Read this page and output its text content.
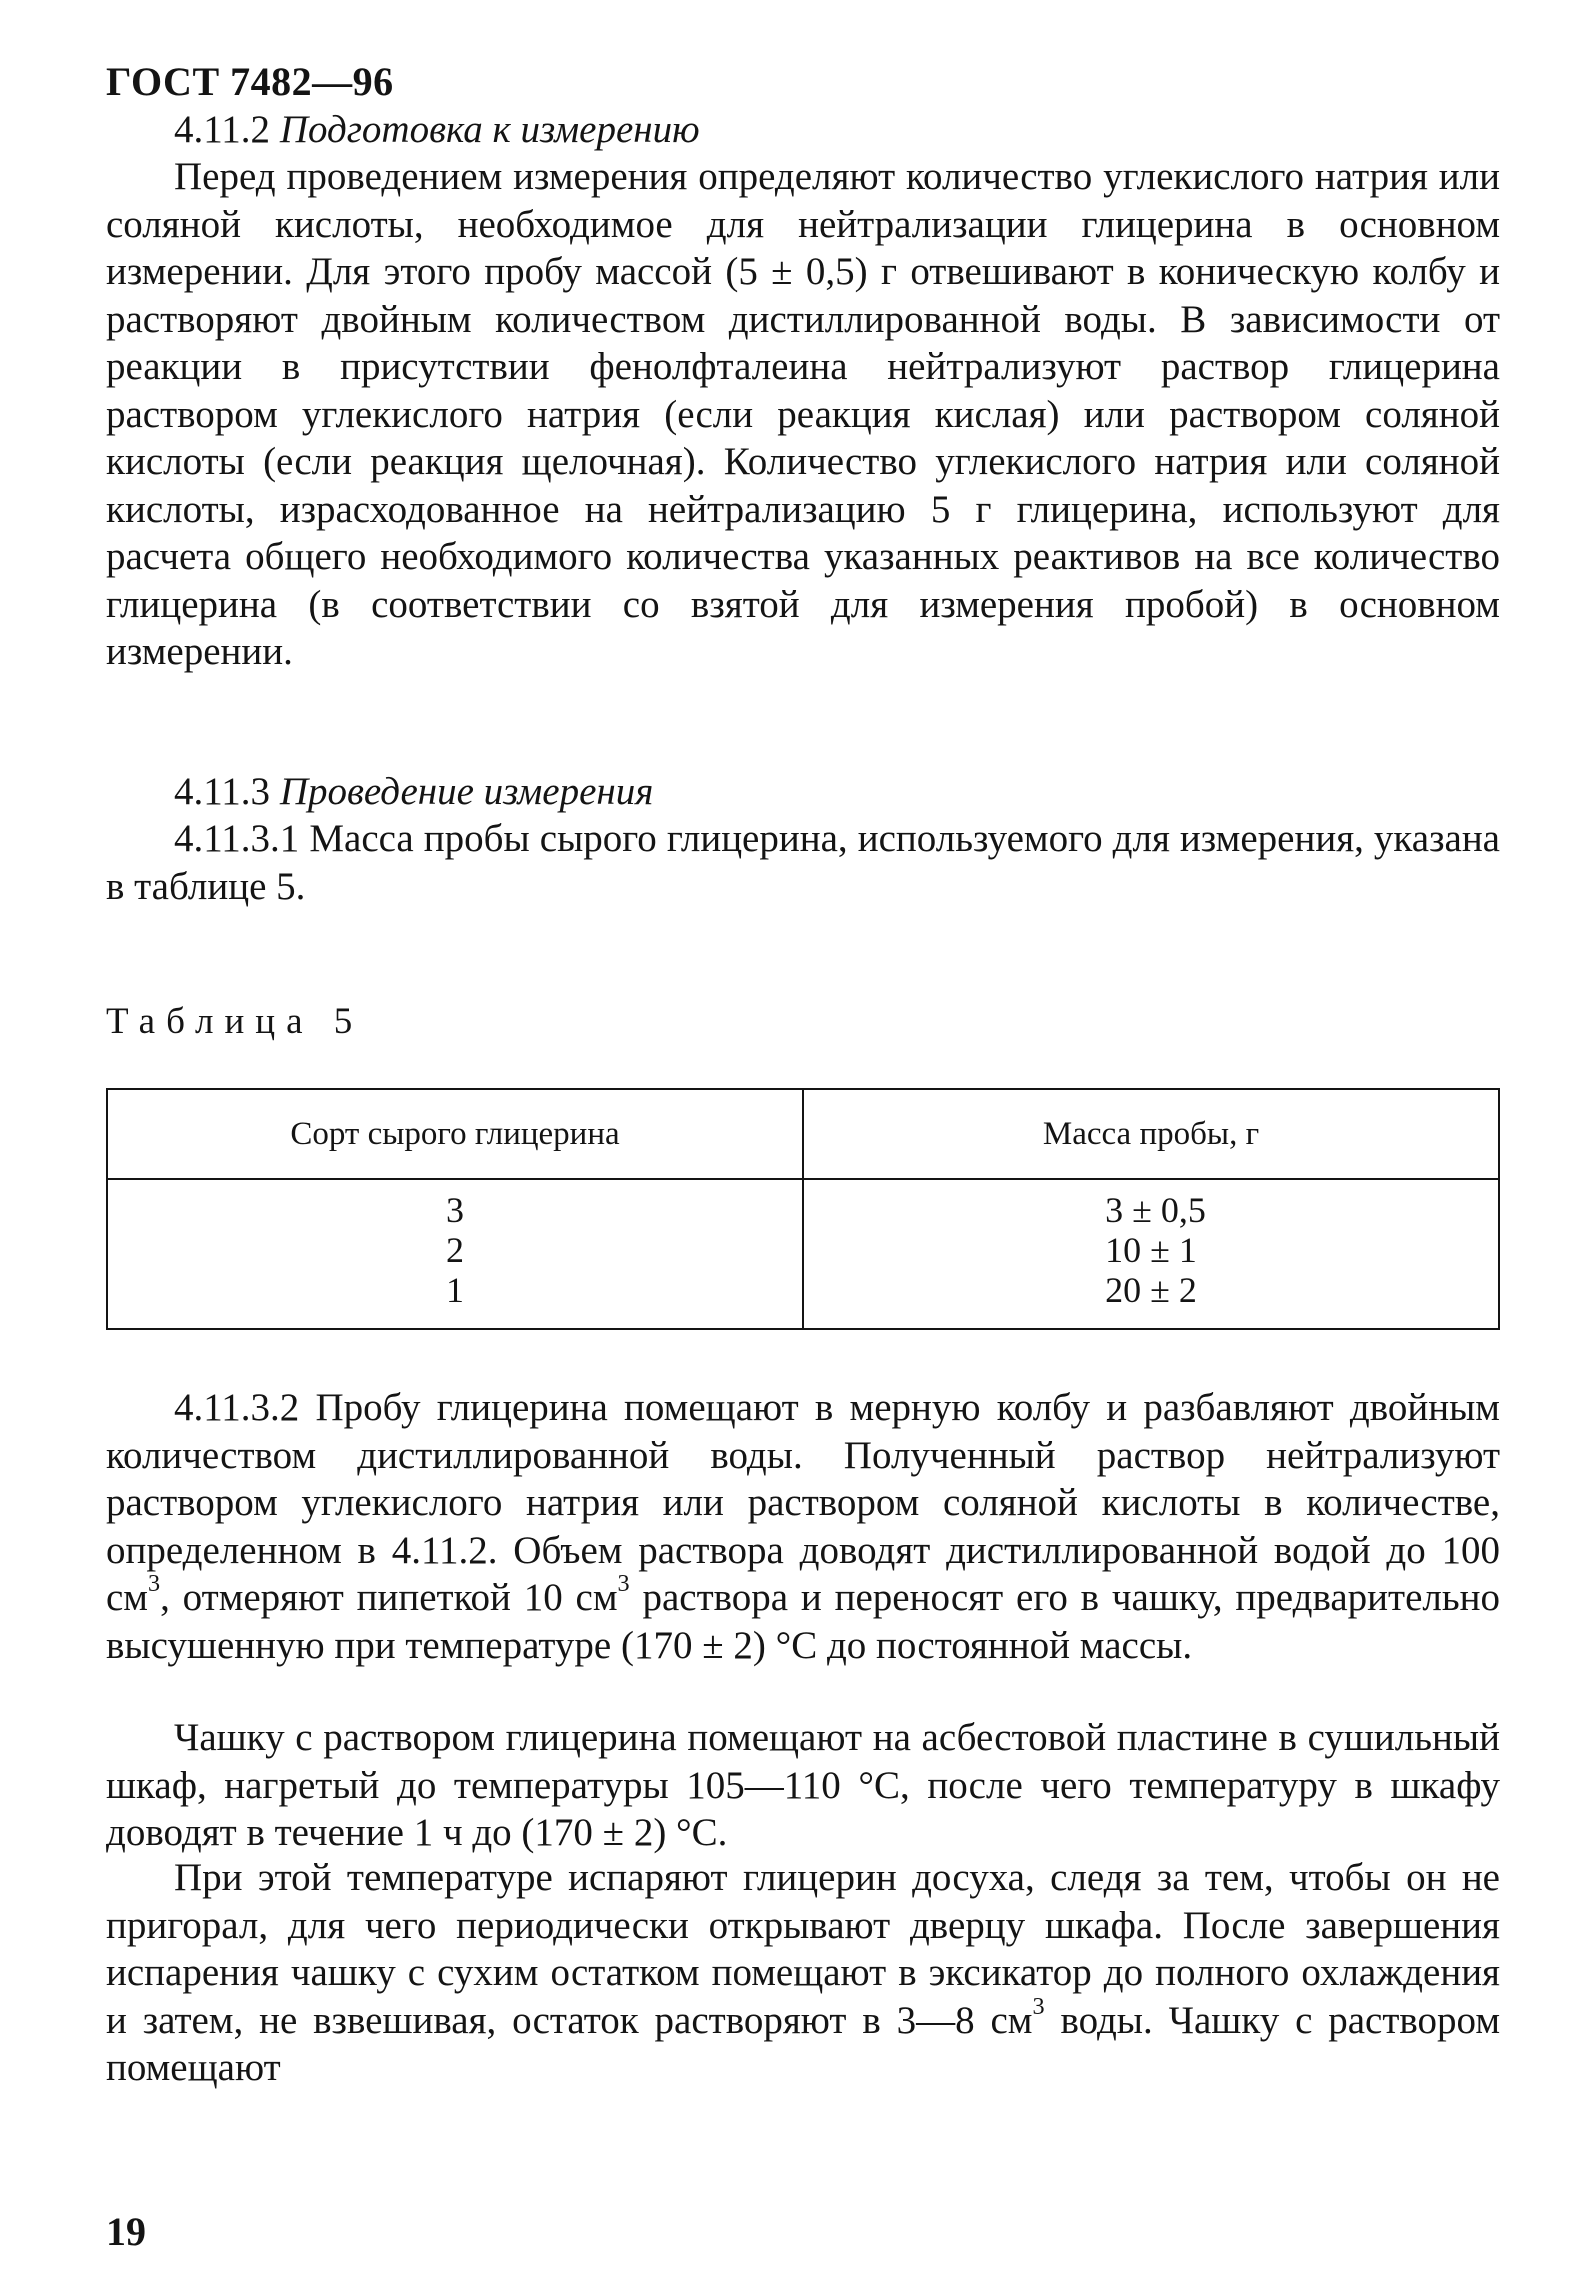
ГОСТ 7482—96

4.11.2 Подготовка к измерению

Перед проведением измерения определяют количество углекислого натрия или соляной кислоты, необходимое для нейтрализации глицерина в основном измерении. Для этого пробу массой (5 ± 0,5) г отвешивают в коническую колбу и растворяют двойным количеством дистиллированной воды. В зависимости от реакции в присутствии фенолфталеина нейтрализуют раствор глицерина раствором углекислого натрия (если реакция кислая) или раствором соляной кислоты (если реакция щелочная). Количество углекислого натрия или соляной кислоты, израсходованное на нейтрализацию 5 г глицерина, используют для расчета общего необходимого количества указанных реактивов на все количество глицерина (в соответствии со взятой для измерения пробой) в основном измерении.

4.11.3 Проведение измерения

4.11.3.1 Масса пробы сырого глицерина, используемого для измерения, указана в таблице 5.

Таблица 5
Сорт сырого глицерина	Масса пробы, г
3
2
1
3 ± 0,5
10 ± 1
20 ± 2

4.11.3.2 Пробу глицерина помещают в мерную колбу и разбавляют двойным количеством дистиллированной воды. Полученный раствор нейтрализуют раствором углекислого натрия или раствором соляной кислоты в количестве, определенном в 4.11.2. Объем раствора доводят дистиллированной водой до 100 $см^3$, отмеряют пипеткой 10 $см^3$ раствора и переносят его в чашку, предварительно высушенную при температуре (170 ± 2) °С до постоянной массы.

Чашку с раствором глицерина помещают на асбестовой пластине в сушильный шкаф, нагретый до температуры 105—110 °С, после чего температуру в шкафу доводят в течение 1 ч до (170 ± 2) °С.

При этой температуре испаряют глицерин досуха, следя за тем, чтобы он не пригорал, для чего периодически открывают дверцу шкафа. После завершения испарения чашку с сухим остатком помещают в эксикатор до полного охлаждения и затем, не взвешивая, остаток растворяют в 3—8 $см^3$ воды. Чашку с раствором помещают

19
